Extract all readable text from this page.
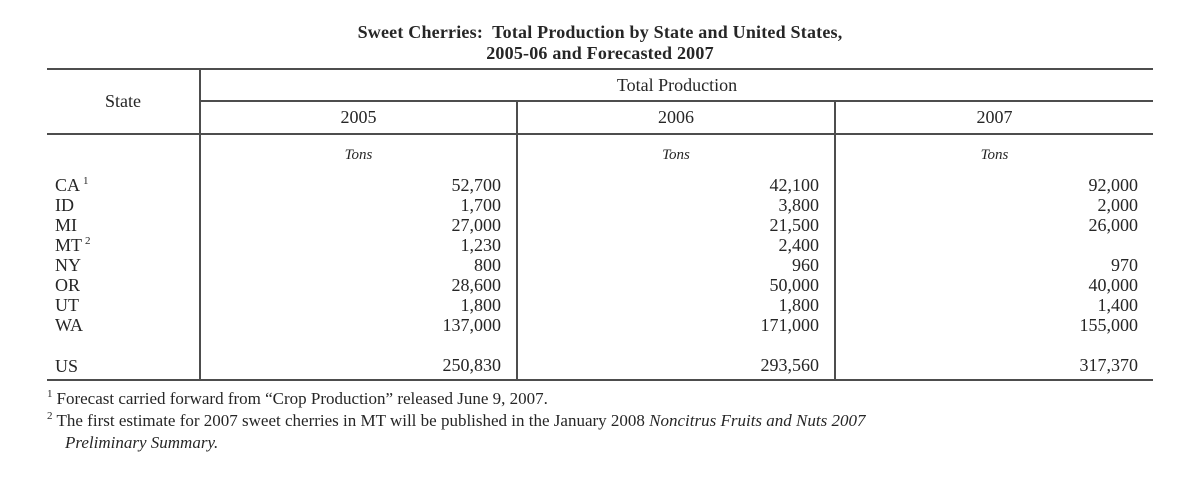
Sweet Cherries:  Total Production by State and United States,
2005-06 and Forecasted 2007
State	Total Production		
	2005	2006	2007
	Tons	Tons	Tons
CA $^1$	52,700	42,100	92,000
ID	1,700	3,800	2,000
MI	27,000	21,500	26,000
MT $^2$	1,230	2,400	
NY	800	960	970
OR	28,600	50,000	40,000
UT	1,800	1,800	1,400
WA	137,000	171,000	155,000

US	250,830	293,560	317,370
$^1$ Forecast carried forward from “Crop Production” released June 9, 2007.
$^2$ The first estimate for 2007 sweet cherries in MT will be published in the January 2008 Noncitrus Fruits and Nuts 2007
Preliminary Summary.
